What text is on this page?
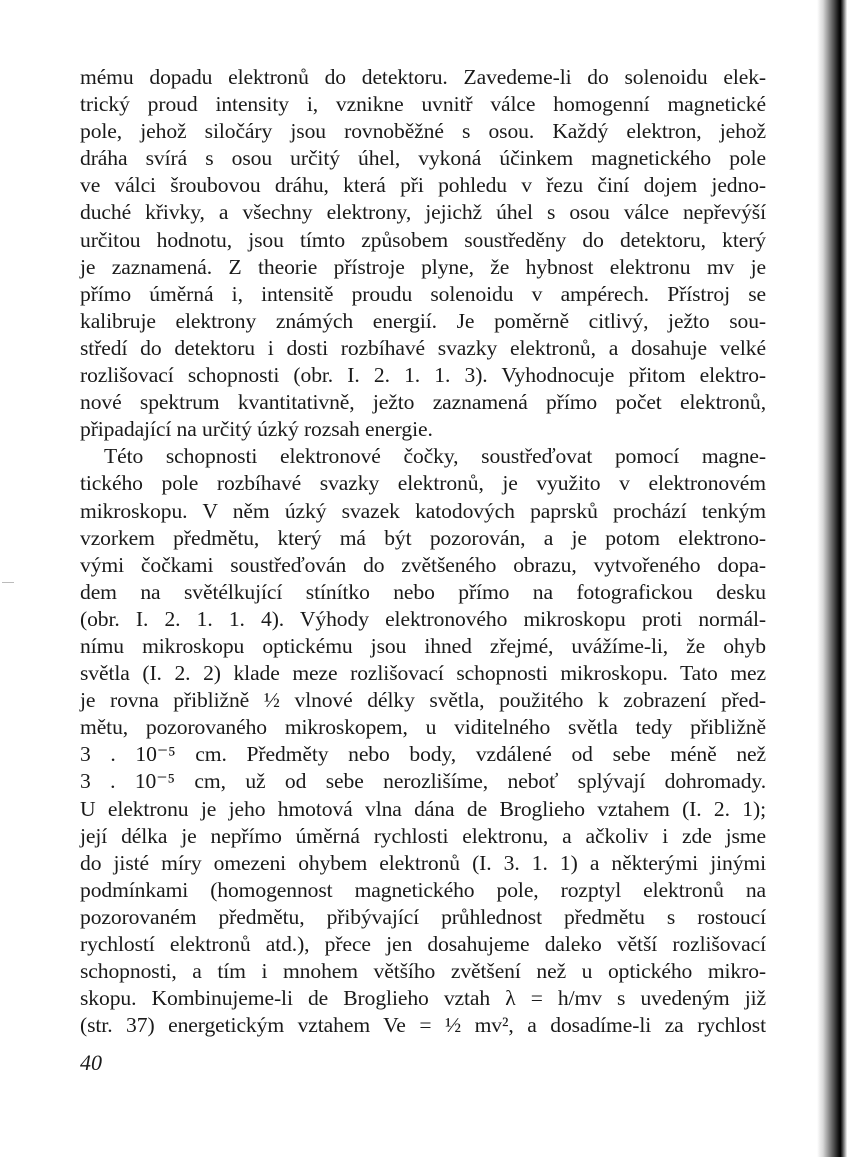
mému dopadu elektronů do detektoru. Zavedeme-li do solenoidu elek-
trický proud intensity i, vznikne uvnitř válce homogenní magnetické
pole, jehož siločáry jsou rovnoběžné s osou. Každý elektron, jehož
dráha svírá s osou určitý úhel, vykoná účinkem magnetického pole
ve válci šroubovou dráhu, která při pohledu v řezu činí dojem jedno-
duché křivky, a všechny elektrony, jejichž úhel s osou válce nepřevýší
určitou hodnotu, jsou tímto způsobem soustředěny do detektoru, který
je zaznamená. Z theorie přístroje plyne, že hybnost elektronu mv je
přímo úměrná i, intensitě proudu solenoidu v ampérech. Přístroj se
kalibruje elektrony známých energií. Je poměrně citlivý, ježto sou-
středí do detektoru i dosti rozbíhavé svazky elektronů, a dosahuje velké
rozlišovací schopnosti (obr. I. 2. 1. 1. 3). Vyhodnocuje přitom elektro-
nové spektrum kvantitativně, ježto zaznamená přímo počet elektronů,
připadající na určitý úzký rozsah energie.
Této schopnosti elektronové čočky, soustřeďovat pomocí magne-
tického pole rozbíhavé svazky elektronů, je využito v elektronovém
mikroskopu. V něm úzký svazek katodových paprsků prochází tenkým
vzorkem předmětu, který má být pozorován, a je potom elektrono-
vými čočkami soustřeďován do zvětšeného obrazu, vytvořeného dopa-
dem na světélkující stínítko nebo přímo na fotografickou desku
(obr. I. 2. 1. 1. 4). Výhody elektronového mikroskopu proti normál-
nímu mikroskopu optickému jsou ihned zřejmé, uvážíme-li, že ohyb
světla (I. 2. 2) klade meze rozlišovací schopnosti mikroskopu. Tato mez
je rovna přibližně ½ vlnové délky světla, použitého k zobrazení před-
mětu, pozorovaného mikroskopem, u viditelného světla tedy přibližně
3 . 10⁻⁵ cm. Předměty nebo body, vzdálené od sebe méně než
3 . 10⁻⁵ cm, už od sebe nerozlišíme, neboť splývají dohromady.
U elektronu je jeho hmotová vlna dána de Broglieho vztahem (I. 2. 1);
její délka je nepřímo úměrná rychlosti elektronu, a ačkoliv i zde jsme
do jisté míry omezeni ohybem elektronů (I. 3. 1. 1) a některými jinými
podmínkami (homogennost magnetického pole, rozptyl elektronů na
pozorovaném předmětu, přibývající průhlednost předmětu s rostoucí
rychlostí elektronů atd.), přece jen dosahujeme daleko větší rozlišovací
schopnosti, a tím i mnohem většího zvětšení než u optického mikro-
skopu. Kombinujeme-li de Broglieho vztah λ = h/mv s uvedeným již
(str. 37) energetickým vztahem Ve = ½ mv², a dosadíme-li za rychlost
40
